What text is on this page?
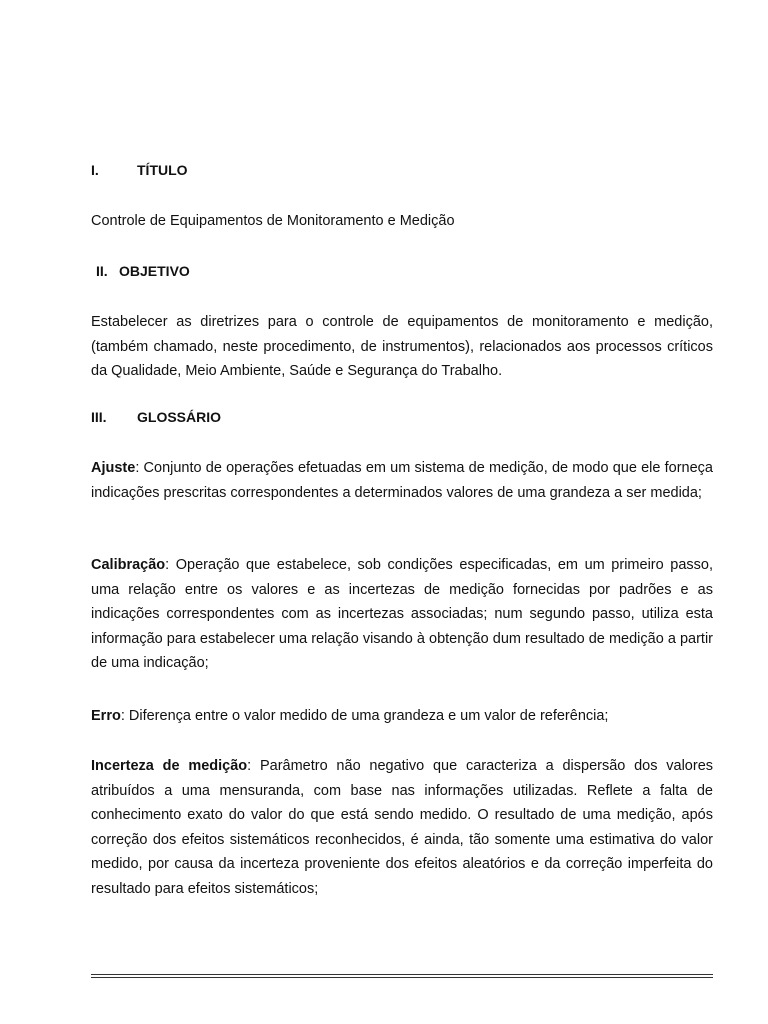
I.	TÍTULO
Controle de Equipamentos de Monitoramento e Medição
II. OBJETIVO

Estabelecer as diretrizes para o controle de equipamentos de monitoramento e medição, (também chamado, neste procedimento, de instrumentos), relacionados aos processos críticos da Qualidade, Meio Ambiente, Saúde e Segurança do Trabalho.

III. GLOSSÁRIO

Ajuste: Conjunto de operações efetuadas em um sistema de medição, de modo que ele forneça indicações prescritas correspondentes a determinados valores de uma grandeza a ser medida;

Calibração: Operação que estabelece, sob condições especificadas, em um primeiro passo, uma relação entre os valores e as incertezas de medição fornecidas por padrões e as indicações correspondentes com as incertezas associadas; num segundo passo, utiliza esta informação para estabelecer uma relação visando à obtenção dum resultado de medição a partir de uma indicação;

Erro: Diferença entre o valor medido de uma grandeza e um valor de referência;

Incerteza de medição: Parâmetro não negativo que caracteriza a dispersão dos valores atribuídos a uma mensuranda, com base nas informações utilizadas. Reflete a falta de conhecimento exato do valor do que está sendo medido. O resultado de uma medição, após correção dos efeitos sistemáticos reconhecidos, é ainda, tão somente uma estimativa do valor medido, por causa da incerteza proveniente dos efeitos aleatórios e da correção imperfeita do resultado para efeitos sistemáticos;
